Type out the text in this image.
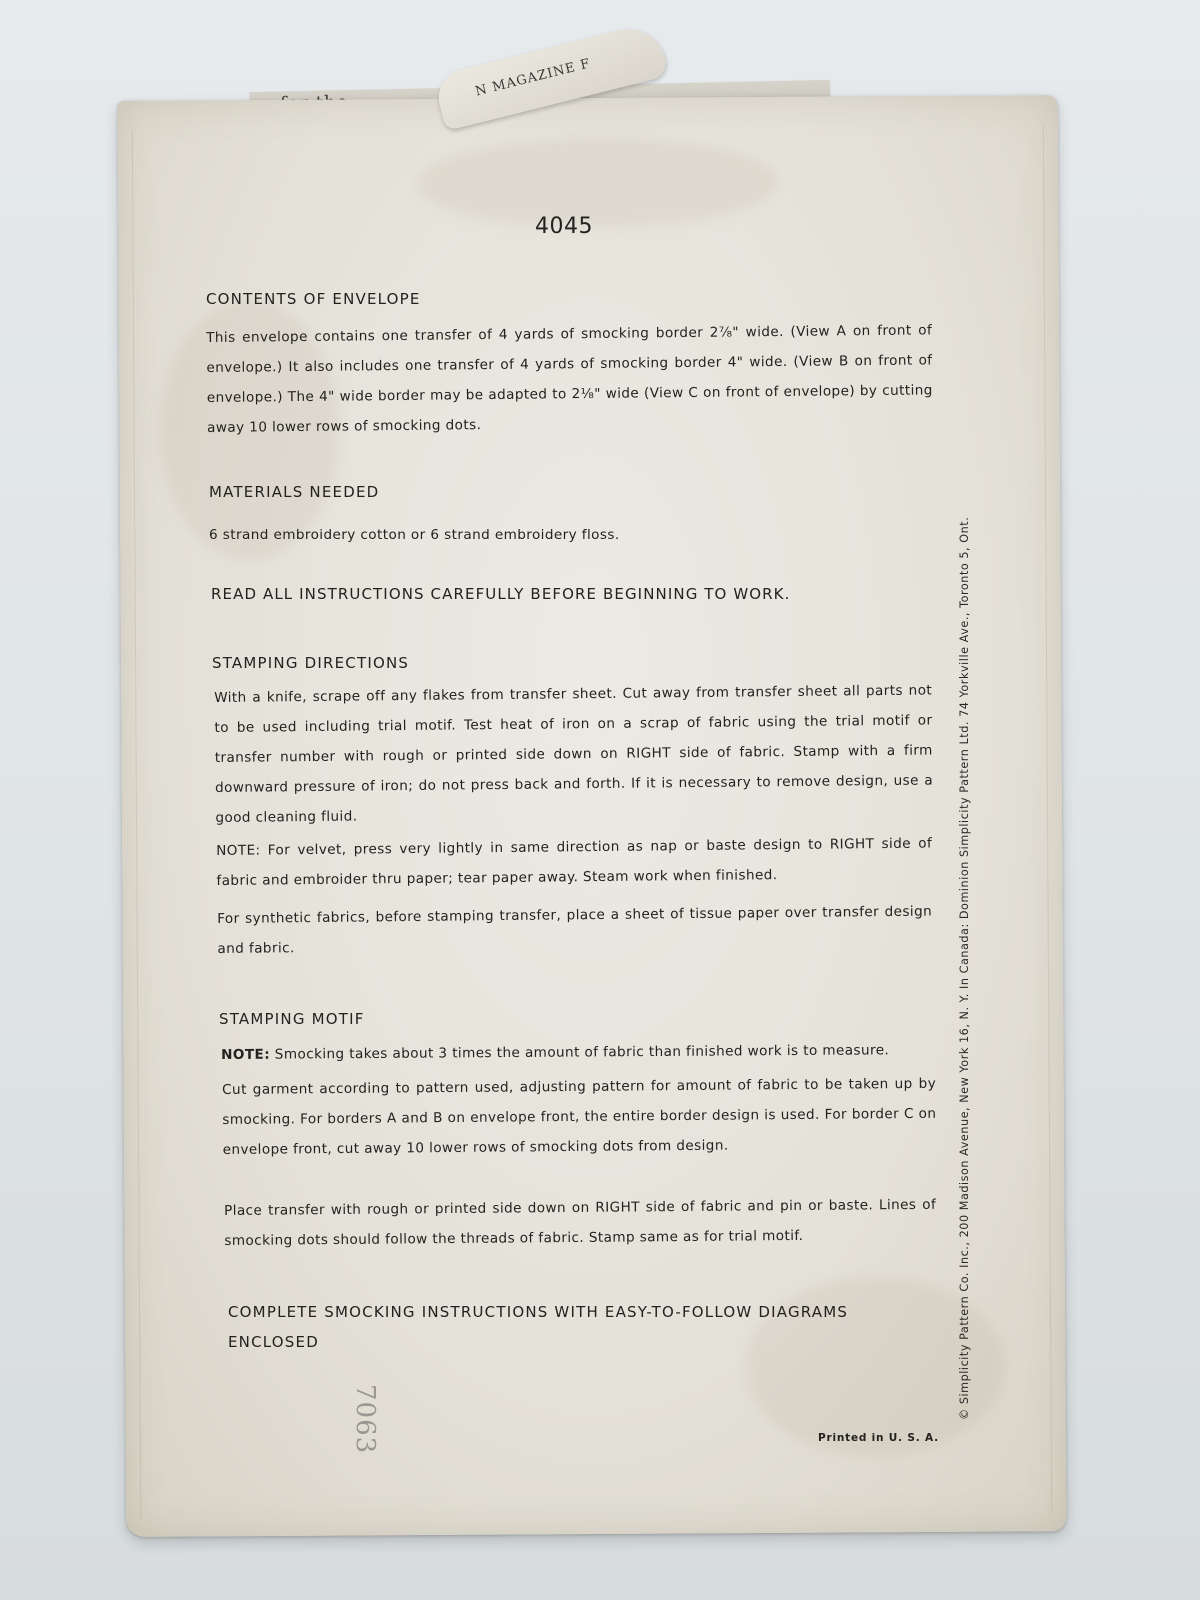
N MAGAZINE F
4045
CONTENTS OF ENVELOPE
This envelope contains one transfer of 4 yards of smocking border 2⅞" wide. (View A on front of envelope.) It also includes one transfer of 4 yards of smocking border 4" wide. (View B on front of envelope.) The 4" wide border may be adapted to 2⅛" wide (View C on front of envelope) by cutting away 10 lower rows of smocking dots.
MATERIALS NEEDED
6 strand embroidery cotton or 6 strand embroidery floss.
READ ALL INSTRUCTIONS CAREFULLY BEFORE BEGINNING TO WORK.
STAMPING DIRECTIONS
With a knife, scrape off any flakes from transfer sheet. Cut away from transfer sheet all parts not to be used including trial motif. Test heat of iron on a scrap of fabric using the trial motif or transfer number with rough or printed side down on RIGHT side of fabric. Stamp with a firm downward pressure of iron; do not press back and forth. If it is necessary to remove design, use a good cleaning fluid.
NOTE: For velvet, press very lightly in same direction as nap or baste design to RIGHT side of fabric and embroider thru paper; tear paper away. Steam work when finished.
For synthetic fabrics, before stamping transfer, place a sheet of tissue paper over transfer design and fabric.
STAMPING MOTIF
NOTE: Smocking takes about 3 times the amount of fabric than finished work is to measure.
Cut garment according to pattern used, adjusting pattern for amount of fabric to be taken up by smocking. For borders A and B on envelope front, the entire border design is used. For border C on envelope front, cut away 10 lower rows of smocking dots from design.
Place transfer with rough or printed side down on RIGHT side of fabric and pin or baste. Lines of smocking dots should follow the threads of fabric. Stamp same as for trial motif.
COMPLETE SMOCKING INSTRUCTIONS WITH EASY-TO-FOLLOW DIAGRAMS ENCLOSED
7063	Printed in U. S. A.
© Simplicity Pattern Co. Inc., 200 Madison Avenue, New York 16, N. Y. In Canada: Dominion Simplicity Pattern Ltd. 74 Yorkville Ave., Toronto 5, Ont.
